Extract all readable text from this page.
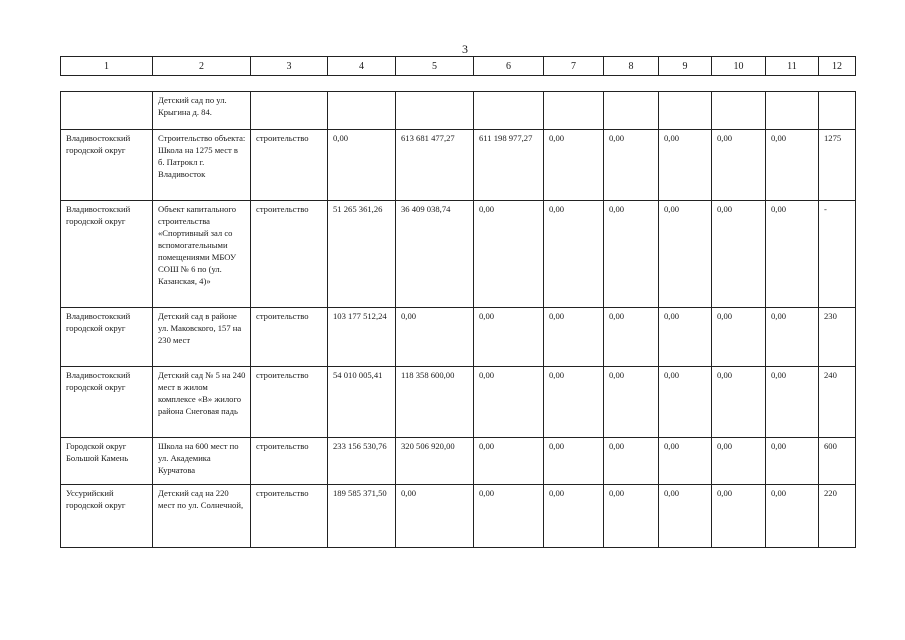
3
1	2	3	4	5	6	7	8	9	10	11	12
	Детский сад по ул. Крыгина д. 84.										
Владивостокский городской округ	Строительство объекта: Школа на 1275 мест в б. Патрокл г. Владивосток	строительство	0,00	613 681 477,27	611 198 977,27	0,00	0,00	0,00	0,00	0,00	1275
Владивостокский городской округ	Объект капитального строительства «Спортивный зал со вспомогательными помещениями МБОУ СОШ № 6 по (ул. Казанская, 4)»	строительство	51 265 361,26	36 409 038,74	0,00	0,00	0,00	0,00	0,00	0,00	-
Владивостокский городской округ	Детский сад в районе ул. Маковского, 157 на 230 мест	строительство	103 177 512,24	0,00	0,00	0,00	0,00	0,00	0,00	0,00	230
Владивостокский городской округ	Детский сад № 5 на 240 мест в жилом комплексе «В» жилого района Снеговая падь	строительство	54 010 005,41	118 358 600,00	0,00	0,00	0,00	0,00	0,00	0,00	240
Городской округ Большой Камень	Школа на 600 мест по ул. Академика Курчатова	строительство	233 156 530,76	320 506 920,00	0,00	0,00	0,00	0,00	0,00	0,00	600
Уссурийский городской округ	Детский сад на 220 мест по ул. Солнечной,	строительство	189 585 371,50	0,00	0,00	0,00	0,00	0,00	0,00	0,00	220
